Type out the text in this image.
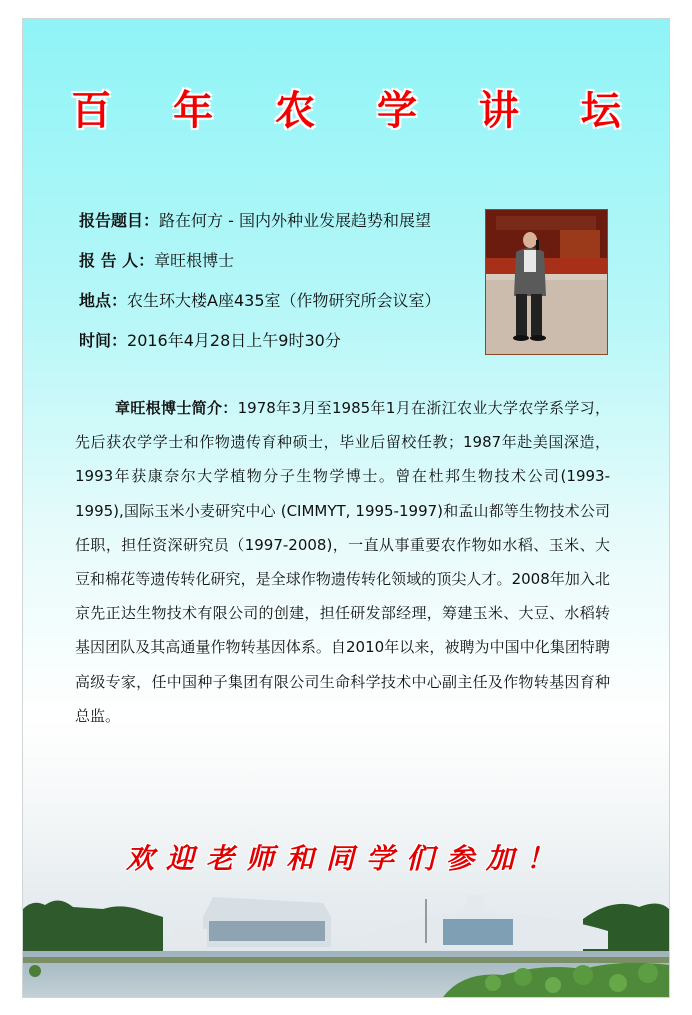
百 年 农 学 讲 坛
报告题目：路在何方 - 国内外种业发展趋势和展望
报 告 人：章旺根博士
地点：农生环大楼A座435室（作物研究所会议室）
时间：2016年4月28日上午9时30分
章旺根博士简介：1978年3月至1985年1月在浙江农业大学农学系学习，先后获农学学士和作物遗传育种硕士，毕业后留校任教；1987年赴美国深造，1993年获康奈尔大学植物分子生物学博士。曾在杜邦生物技术公司(1993-1995),国际玉米小麦研究中心 (CIMMYT, 1995-1997)和孟山都等生物技术公司任职，担任资深研究员（1997-2008)，一直从事重要农作物如水稻、玉米、大豆和棉花等遗传转化研究，是全球作物遗传转化领域的顶尖人才。2008年加入北京先正达生物技术有限公司的创建，担任研发部经理，筹建玉米、大豆、水稻转基因团队及其高通量作物转基因体系。自2010年以来，被聘为中国中化集团特聘高级专家，任中国种子集团有限公司生命科学技术中心副主任及作物转基因育种总监。
欢迎老师和同学们参加！
